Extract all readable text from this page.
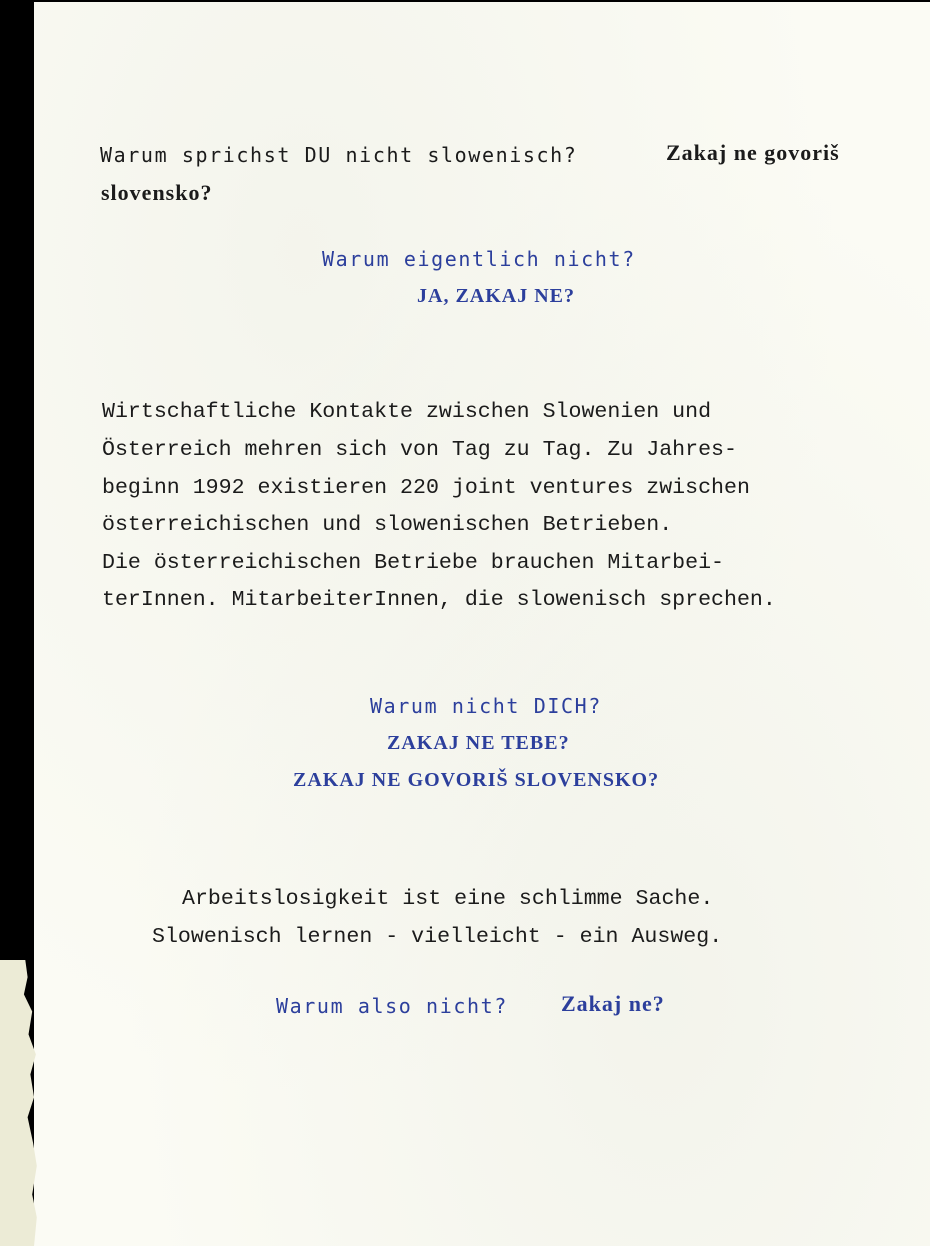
Warum sprichst DU nicht slowenisch?	Zakaj ne govoriš
slovensko?
Warum eigentlich nicht?
JA, ZAKAJ NE?
Wirtschaftliche Kontakte zwischen Slowenien und
Österreich mehren sich von Tag zu Tag. Zu Jahres-
beginn 1992 existieren 220 joint ventures zwischen
österreichischen und slowenischen Betrieben.
Die österreichischen Betriebe brauchen Mitarbei-
terInnen. MitarbeiterInnen, die slowenisch sprechen.
Warum nicht DICH?
ZAKAJ NE TEBE?
ZAKAJ NE GOVORIŠ SLOVENSKO?
Arbeitslosigkeit ist eine schlimme Sache.
Slowenisch lernen - vielleicht - ein Ausweg.
Warum also nicht? Zakaj ne?
